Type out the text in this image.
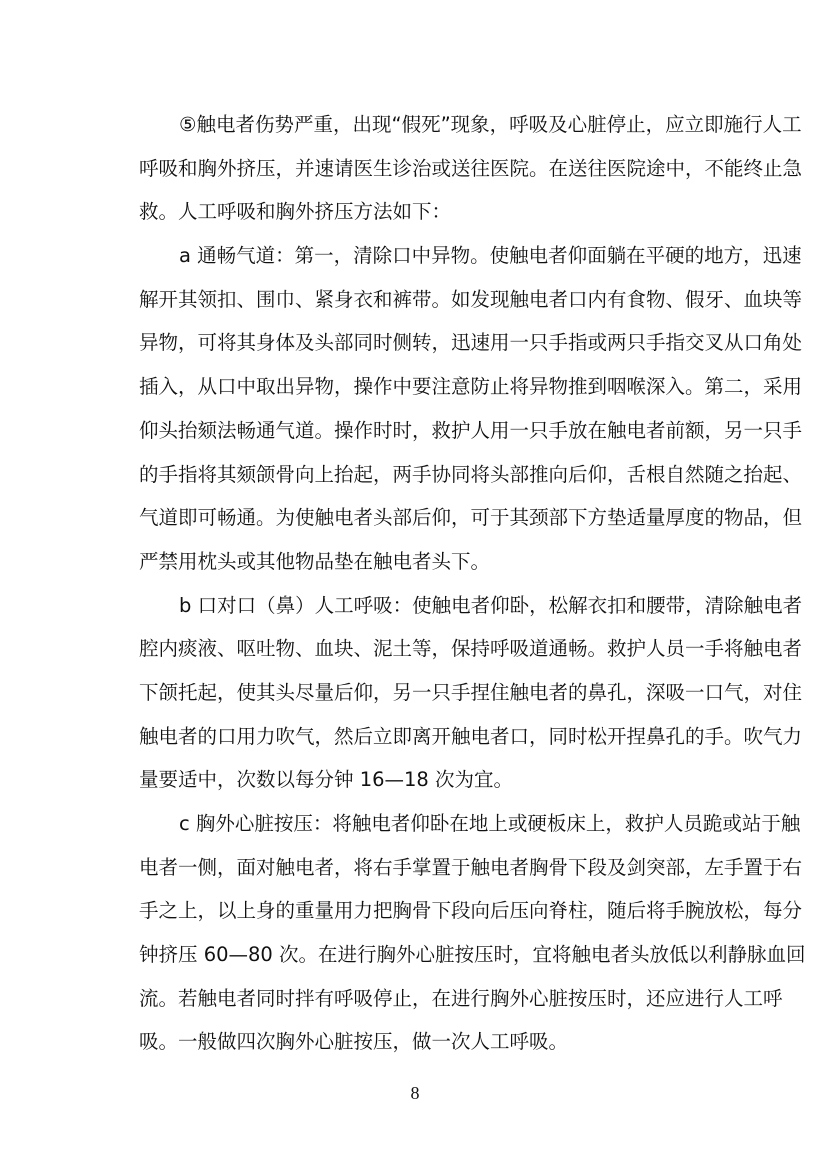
⑤触电者伤势严重，出现“假死”现象，呼吸及心脏停止，应立即施行人工
呼吸和胸外挤压，并速请医生诊治或送往医院。在送往医院途中，不能终止急
救。人工呼吸和胸外挤压方法如下：
a 通畅气道：第一，清除口中异物。使触电者仰面躺在平硬的地方，迅速
解开其领扣、围巾、紧身衣和裤带。如发现触电者口内有食物、假牙、血块等
异物，可将其身体及头部同时侧转，迅速用一只手指或两只手指交叉从口角处
插入，从口中取出异物，操作中要注意防止将异物推到咽喉深入。第二，采用
仰头抬颏法畅通气道。操作时时，救护人用一只手放在触电者前额，另一只手
的手指将其颏颌骨向上抬起，两手协同将头部推向后仰，舌根自然随之抬起、
气道即可畅通。为使触电者头部后仰，可于其颈部下方垫适量厚度的物品，但
严禁用枕头或其他物品垫在触电者头下。
b 口对口（鼻）人工呼吸：使触电者仰卧，松解衣扣和腰带，清除触电者
腔内痰液、呕吐物、血块、泥土等，保持呼吸道通畅。救护人员一手将触电者
下颌托起，使其头尽量后仰，另一只手捏住触电者的鼻孔，深吸一口气，对住
触电者的口用力吹气，然后立即离开触电者口，同时松开捏鼻孔的手。吹气力
量要适中，次数以每分钟 16—18 次为宜。
c 胸外心脏按压：将触电者仰卧在地上或硬板床上，救护人员跪或站于触
电者一侧，面对触电者，将右手掌置于触电者胸骨下段及剑突部，左手置于右
手之上，以上身的重量用力把胸骨下段向后压向脊柱，随后将手腕放松，每分
钟挤压 60—80 次。在进行胸外心脏按压时，宜将触电者头放低以利静脉血回
流。若触电者同时拌有呼吸停止，在进行胸外心脏按压时，还应进行人工呼
吸。一般做四次胸外心脏按压，做一次人工呼吸。
8
